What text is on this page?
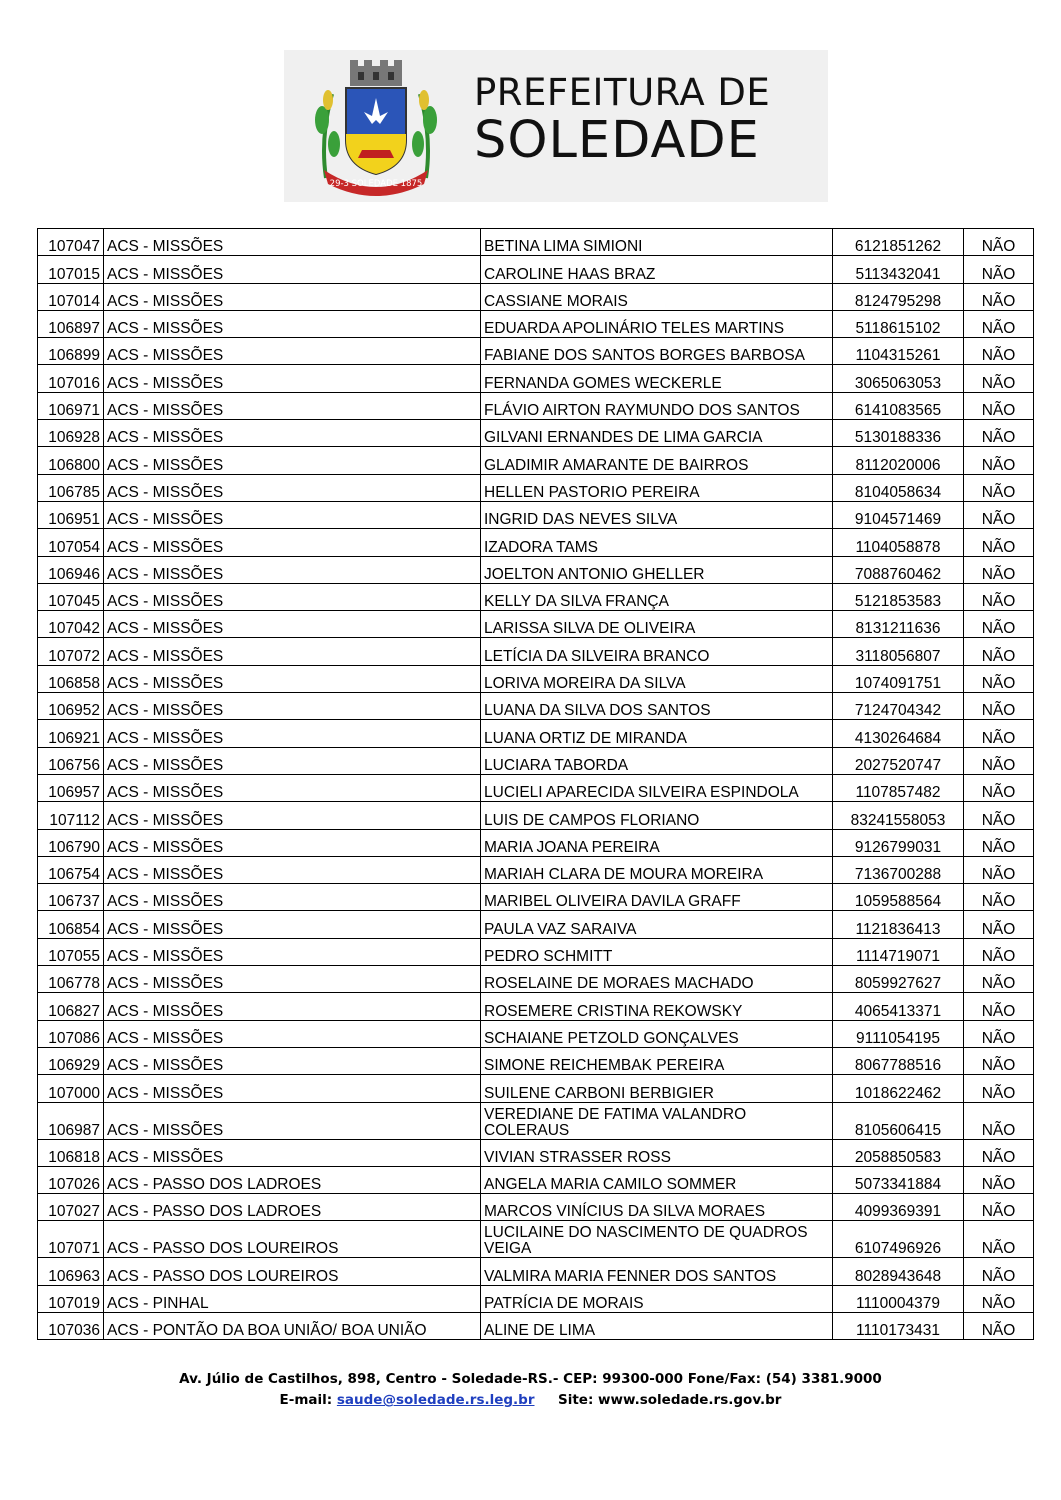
29-3 SOLEDADE 1875
PREFEITURA DE
SOLEDADE
107047	ACS - MISSÕES	BETINA LIMA SIMIONI	6121851262	NÃO
107015	ACS - MISSÕES	CAROLINE HAAS BRAZ	5113432041	NÃO
107014	ACS - MISSÕES	CASSIANE MORAIS	8124795298	NÃO
106897	ACS - MISSÕES	EDUARDA APOLINÁRIO TELES MARTINS	5118615102	NÃO
106899	ACS - MISSÕES	FABIANE DOS SANTOS BORGES BARBOSA	1104315261	NÃO
107016	ACS - MISSÕES	FERNANDA GOMES WECKERLE	3065063053	NÃO
106971	ACS - MISSÕES	FLÁVIO AIRTON RAYMUNDO DOS SANTOS	6141083565	NÃO
106928	ACS - MISSÕES	GILVANI ERNANDES DE LIMA GARCIA	5130188336	NÃO
106800	ACS - MISSÕES	GLADIMIR AMARANTE DE BAIRROS	8112020006	NÃO
106785	ACS - MISSÕES	HELLEN PASTORIO PEREIRA	8104058634	NÃO
106951	ACS - MISSÕES	INGRID DAS NEVES SILVA	9104571469	NÃO
107054	ACS - MISSÕES	IZADORA TAMS	1104058878	NÃO
106946	ACS - MISSÕES	JOELTON ANTONIO GHELLER	7088760462	NÃO
107045	ACS - MISSÕES	KELLY DA SILVA FRANÇA	5121853583	NÃO
107042	ACS - MISSÕES	LARISSA SILVA DE OLIVEIRA	8131211636	NÃO
107072	ACS - MISSÕES	LETÍCIA DA SILVEIRA BRANCO	3118056807	NÃO
106858	ACS - MISSÕES	LORIVA MOREIRA DA SILVA	1074091751	NÃO
106952	ACS - MISSÕES	LUANA DA SILVA DOS SANTOS	7124704342	NÃO
106921	ACS - MISSÕES	LUANA ORTIZ DE MIRANDA	4130264684	NÃO
106756	ACS - MISSÕES	LUCIARA TABORDA	2027520747	NÃO
106957	ACS - MISSÕES	LUCIELI APARECIDA SILVEIRA ESPINDOLA	1107857482	NÃO
107112	ACS - MISSÕES	LUIS DE CAMPOS FLORIANO	83241558053	NÃO
106790	ACS - MISSÕES	MARIA JOANA PEREIRA	9126799031	NÃO
106754	ACS - MISSÕES	MARIAH CLARA DE MOURA MOREIRA	7136700288	NÃO
106737	ACS - MISSÕES	MARIBEL OLIVEIRA DAVILA GRAFF	1059588564	NÃO
106854	ACS - MISSÕES	PAULA VAZ SARAIVA	1121836413	NÃO
107055	ACS - MISSÕES	PEDRO SCHMITT	1114719071	NÃO
106778	ACS - MISSÕES	ROSELAINE DE MORAES MACHADO	8059927627	NÃO
106827	ACS - MISSÕES	ROSEMERE CRISTINA REKOWSKY	4065413371	NÃO
107086	ACS - MISSÕES	SCHAIANE PETZOLD GONÇALVES	9111054195	NÃO
106929	ACS - MISSÕES	SIMONE REICHEMBAK PEREIRA	8067788516	NÃO
107000	ACS - MISSÕES	SUILENE CARBONI BERBIGIER	1018622462	NÃO
106987	ACS - MISSÕES	VEREDIANE DE FATIMA VALANDRO COLERAUS	8105606415	NÃO
106818	ACS - MISSÕES	VIVIAN STRASSER ROSS	2058850583	NÃO
107026	ACS - PASSO DOS LADROES	ANGELA MARIA CAMILO SOMMER	5073341884	NÃO
107027	ACS - PASSO DOS LADROES	MARCOS VINÍCIUS DA SILVA MORAES	4099369391	NÃO
107071	ACS - PASSO DOS LOUREIROS	LUCILAINE DO NASCIMENTO DE QUADROS VEIGA	6107496926	NÃO
106963	ACS - PASSO DOS LOUREIROS	VALMIRA MARIA FENNER DOS SANTOS	8028943648	NÃO
107019	ACS - PINHAL	PATRÍCIA DE MORAIS	1110004379	NÃO
107036	ACS - PONTÃO DA BOA UNIÃO/ BOA UNIÃO	ALINE DE LIMA	1110173431	NÃO
Av. Júlio de Castilhos, 898, Centro - Soledade-RS.- CEP: 99300-000 Fone/Fax: (54) 3381.9000
E-mail: saude@soledade.rs.leg.br     Site: www.soledade.rs.gov.br
